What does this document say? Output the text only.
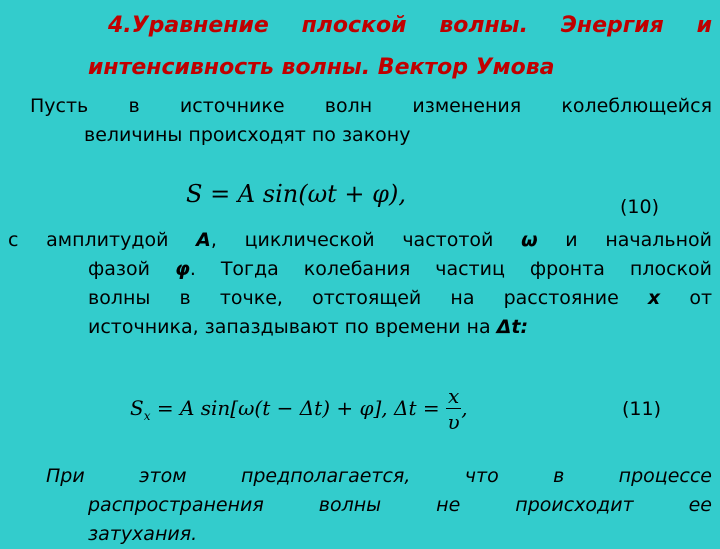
4.Уравнение плоской волны. Энергия и
интенсивность волны. Вектор Умова
Пусть в источнике волн изменения колеблющейся
величины происходят по закону
S = A sin(ωt + φ),	(10)
с амплитудой A, циклической частотой ω и начальной
фазой φ. Тогда колебания частиц фронта плоской
волны в точке, отстоящей на расстояние x от
источника, запаздывают по времени на Δt:
$S_x = A$ sin[ω(t − Δt) + φ], $\Delta t = \frac{x}{\upsilon}$ ,	(11)
При этом предполагается, что в процессе
распространения волны не происходит ее
затухания.
